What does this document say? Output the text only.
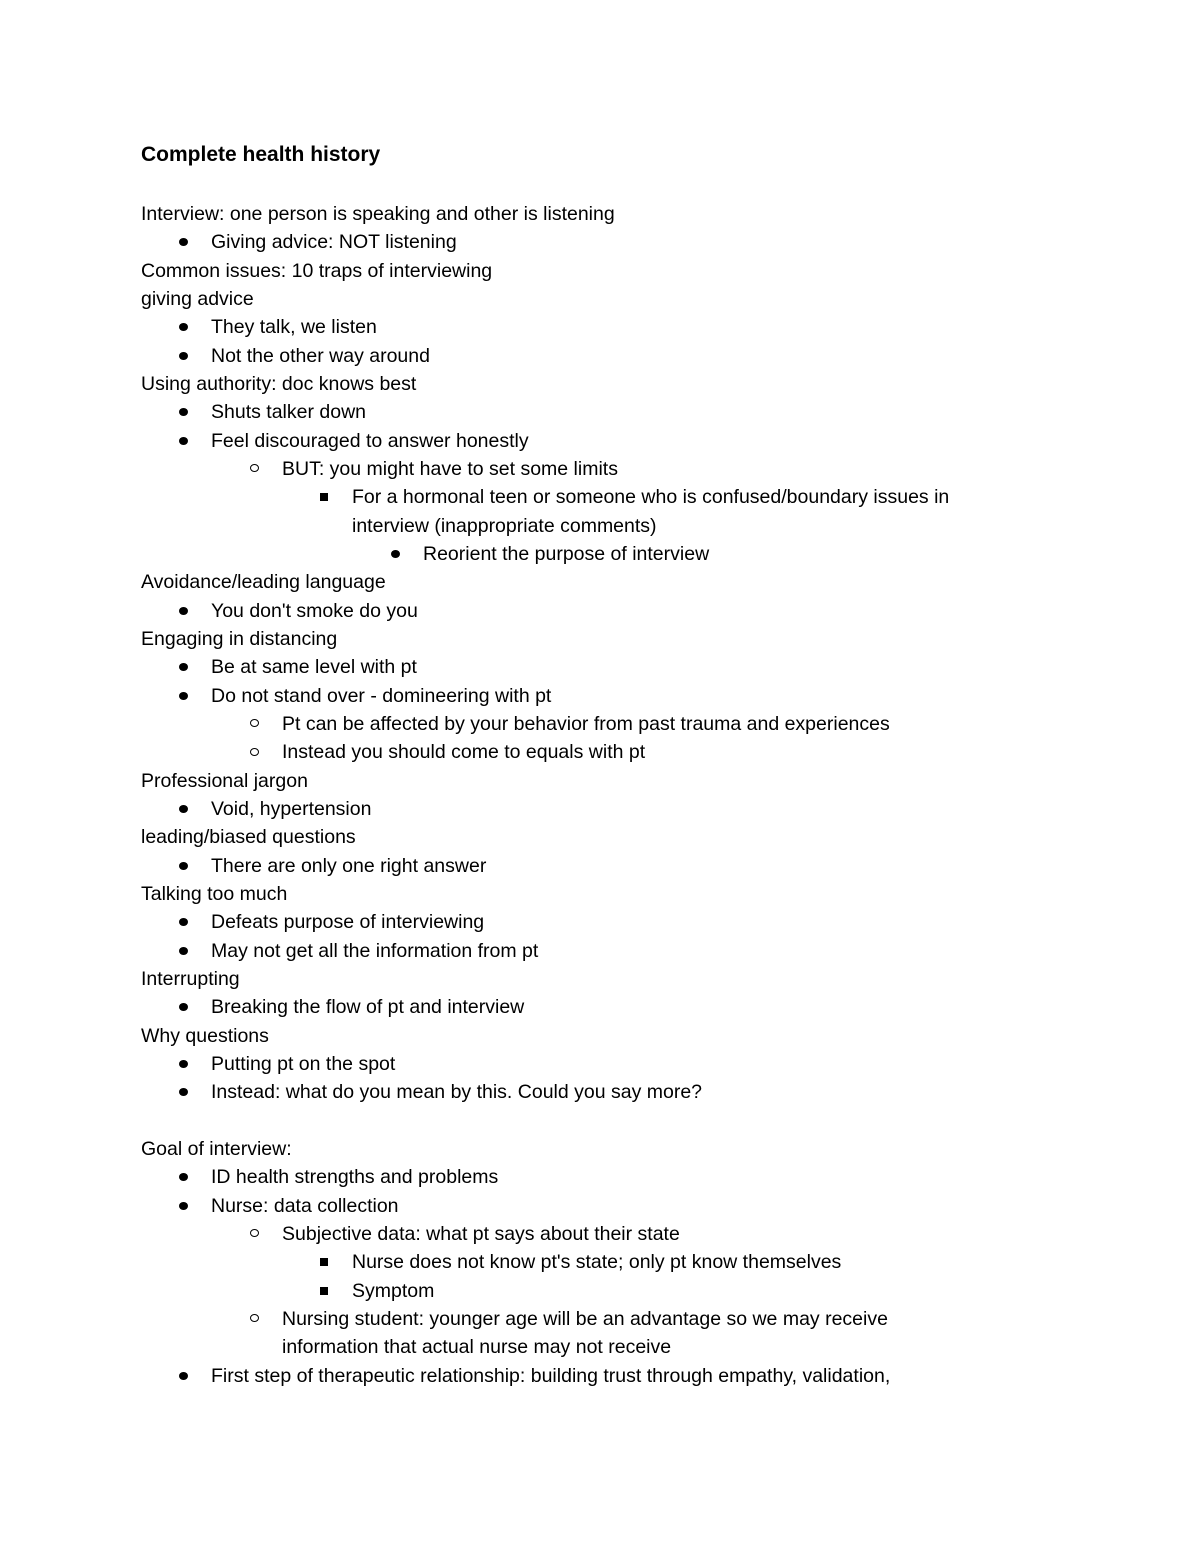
Complete health history
Interview: one person is speaking and other is listening
Giving advice: NOT listening
Common issues: 10 traps of interviewing
giving advice
They talk, we listen
Not the other way around
Using authority: doc knows best
Shuts talker down
Feel discouraged to answer honestly
BUT: you might have to set some limits
For a hormonal teen or someone who is confused/boundary issues in
interview (inappropriate comments)
Reorient the purpose of interview
Avoidance/leading language
You don't smoke do you
Engaging in distancing
Be at same level with pt
Do not stand over - domineering with pt
Pt can be affected by your behavior from past trauma and experiences
Instead you should come to equals with pt
Professional jargon
Void, hypertension
leading/biased questions
There are only one right answer
Talking too much
Defeats purpose of interviewing
May not get all the information from pt
Interrupting
Breaking the flow of pt and interview
Why questions
Putting pt on the spot
Instead: what do you mean by this. Could you say more?
Goal of interview:
ID health strengths and problems
Nurse: data collection
Subjective data: what pt says about their state
Nurse does not know pt's state; only pt know themselves
Symptom
Nursing student: younger age will be an advantage so we may receive
information that actual nurse may not receive
First step of therapeutic relationship: building trust through empathy, validation,
